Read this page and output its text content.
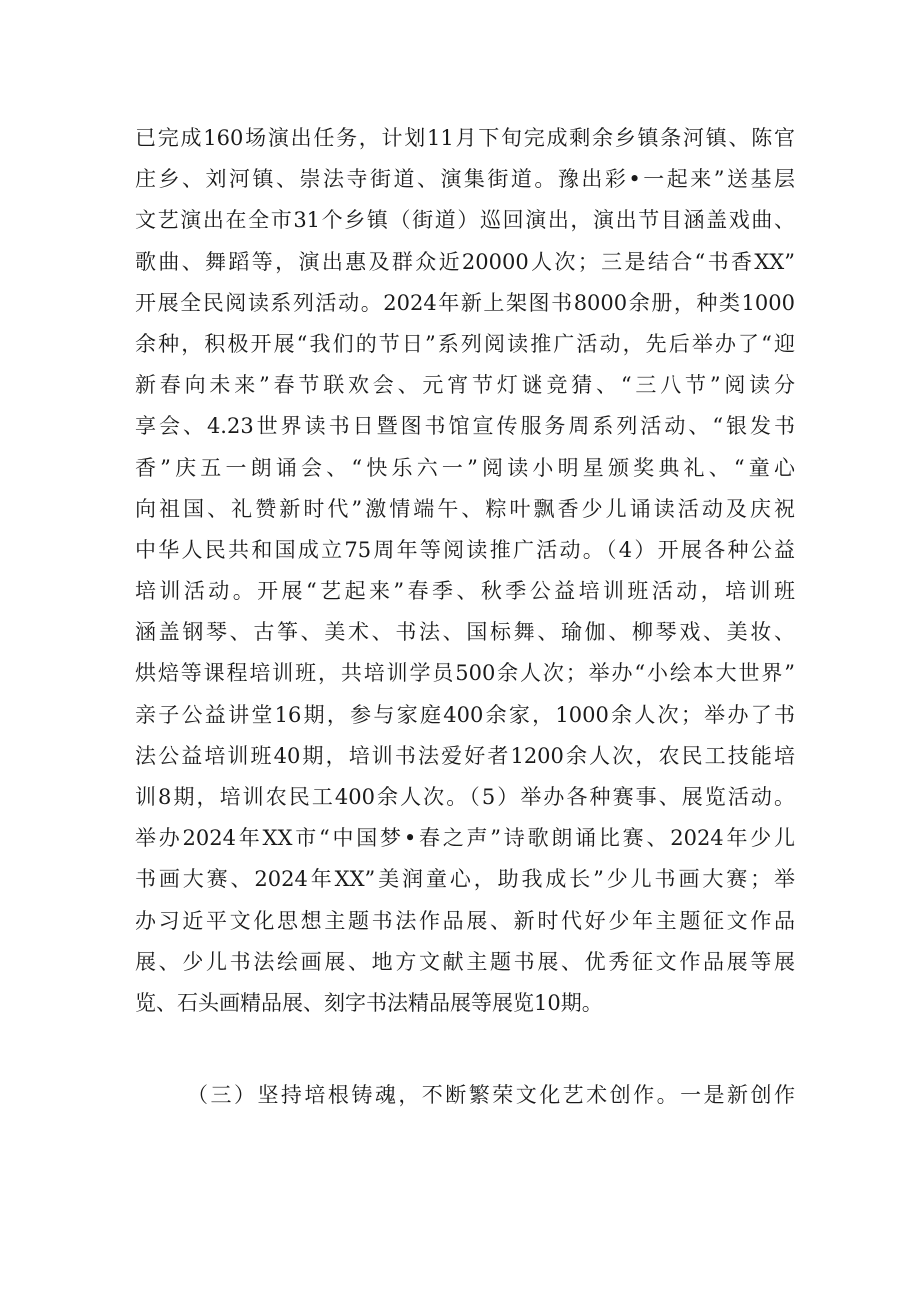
已完成160场演出任务，计划11月下旬完成剩余乡镇条河镇、陈官
庄乡、刘河镇、崇法寺街道、演集街道。豫出彩•一起来”送基层
文艺演出在全市31个乡镇（街道）巡回演出，演出节目涵盖戏曲、
歌曲、舞蹈等，演出惠及群众近20000人次；三是结合“书香XX”
开展全民阅读系列活动。2024年新上架图书8000余册，种类1000
余种，积极开展“我们的节日”系列阅读推广活动，先后举办了“迎
新春向未来”春节联欢会、元宵节灯谜竞猜、“三八节”阅读分
享会、4.23世界读书日暨图书馆宣传服务周系列活动、“银发书
香”庆五一朗诵会、“快乐六一”阅读小明星颁奖典礼、“童心
向祖国、礼赞新时代”激情端午、粽叶飘香少儿诵读活动及庆祝
中华人民共和国成立75周年等阅读推广活动。（4）开展各种公益
培训活动。开展“艺起来”春季、秋季公益培训班活动，培训班
涵盖钢琴、古筝、美术、书法、国标舞、瑜伽、柳琴戏、美妆、
烘焙等课程培训班，共培训学员500余人次；举办“小绘本大世界”
亲子公益讲堂16期，参与家庭400余家，1000余人次；举办了书
法公益培训班40期，培训书法爱好者1200余人次，农民工技能培
训8期，培训农民工400余人次。（5）举办各种赛事、展览活动。
举办2024年XX市“中国梦•春之声”诗歌朗诵比赛、2024年少儿
书画大赛、2024年XX”美润童心，助我成长”少儿书画大赛；举
办习近平文化思想主题书法作品展、新时代好少年主题征文作品
展、少儿书法绘画展、地方文献主题书展、优秀征文作品展等展
览、石头画精品展、刻字书法精品展等展览10期。
（三）坚持培根铸魂，不断繁荣文化艺术创作。一是新创作
